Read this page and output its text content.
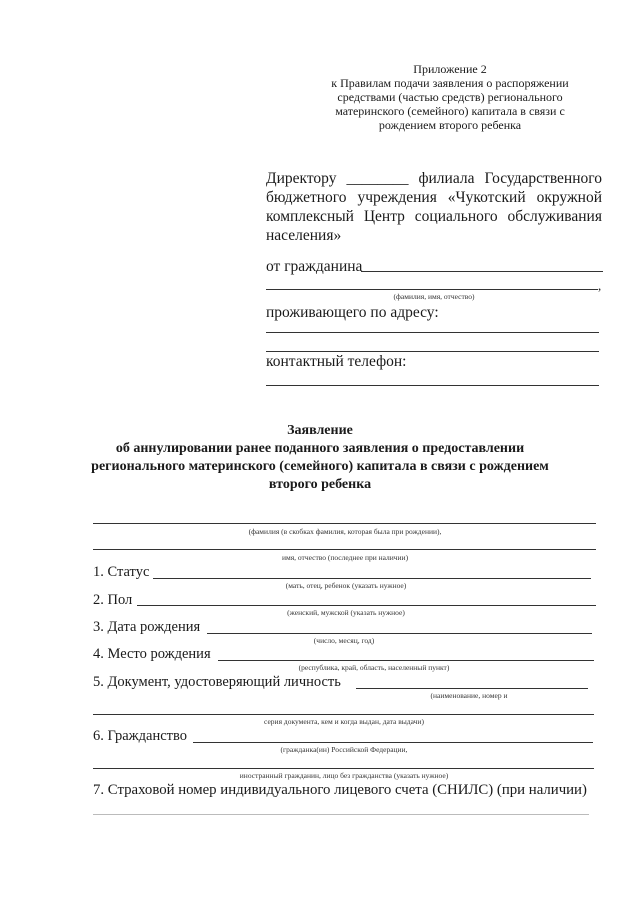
Приложение 2
к Правилам подачи заявления о распоряжении
средствами (частью средств) регионального
материнского (семейного) капитала в связи с
рождением второго ребенка
Директору ________ филиала Государственного
бюджетного учреждения «Чукотский окружной
комплексный Центр социального обслуживания
населения»
от гражданина
,
(фамилия, имя, отчество)
проживающего по адресу:
контактный телефон:
Заявление
об аннулировании ранее поданного заявления о предоставлении
регионального материнского (семейного) капитала в связи с рождением
второго ребенка
(фамилия (в скобках фамилия, которая была при рождении),
имя, отчество (последнее при наличии)
1. Статус
(мать, отец, ребенок (указать нужное)
2. Пол
(женский, мужской (указать нужное)
3. Дата рождения
(число, месяц, год)
4. Место рождения
(республика, край, область, населенный пункт)
5. Документ, удостоверяющий личность
(наименование, номер и
серия документа, кем и когда выдан, дата выдачи)
6. Гражданство
(гражданка(ин) Российской Федерации,
иностранный гражданин, лицо без гражданства (указать нужное)
7. Страховой номер индивидуального лицевого счета (СНИЛС) (при наличии)
